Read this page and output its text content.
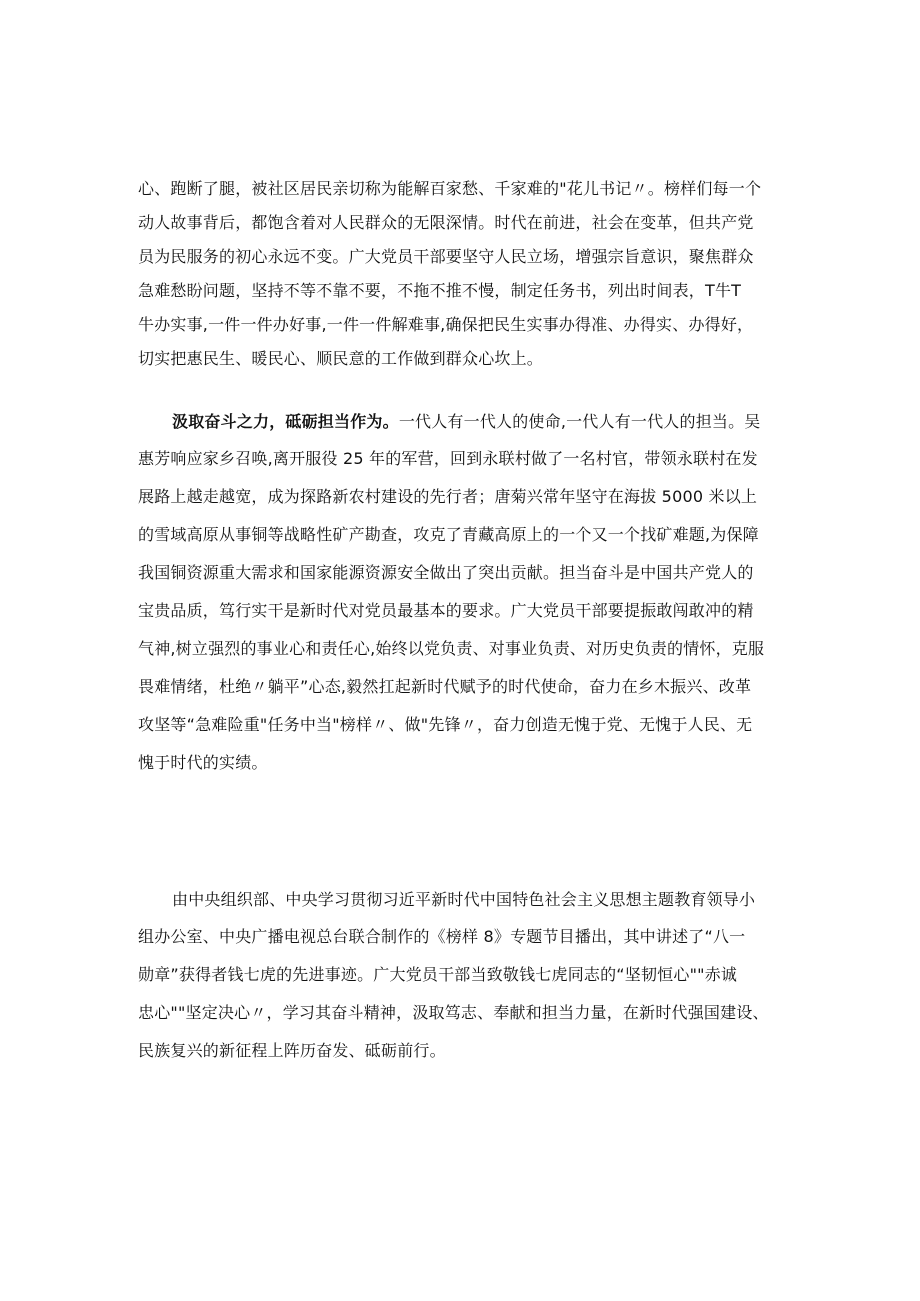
心、跑断了腿，被社区居民亲切称为能解百家愁、千家难的"花儿书记〃。榜样们每一个
动人故事背后，都饱含着对人民群众的无限深情。时代在前进，社会在变革，但共产党
员为民服务的初心永远不变。广大党员干部要坚守人民立场，增强宗旨意识，聚焦群众
急难愁盼问题，坚持不等不靠不要，不拖不推不慢，制定任务书，列出时间表，T牛T
牛办实事,一件一件办好事,一件一件解难事,确保把民生实事办得准、办得实、办得好，
切实把惠民生、暖民心、顺民意的工作做到群众心坎上。
汲取奋斗之力，砥砺担当作为。一代人有一代人的使命,一代人有一代人的担当。吴
惠芳响应家乡召唤,离开服役 25 年的军营，回到永联村做了一名村官，带领永联村在发
展路上越走越宽，成为探路新农村建设的先行者；唐菊兴常年坚守在海拔 5000 米以上
的雪域高原从事铜等战略性矿产勘查，攻克了青藏高原上的一个又一个找矿难题,为保障
我国铜资源重大需求和国家能源资源安全做出了突出贡献。担当奋斗是中国共产党人的
宝贵品质，笃行实干是新时代对党员最基本的要求。广大党员干部要提振敢闯敢冲的精
气神,树立强烈的事业心和责任心,始终以党负责、对事业负责、对历史负责的情怀，克服
畏难情绪，杜绝〃躺平”心态,毅然扛起新时代赋予的时代使命，奋力在乡木振兴、改革
攻坚等“急难险重"任务中当"榜样〃、做"先锋〃，奋力创造无愧于党、无愧于人民、无
愧于时代的实绩。
由中央组织部、中央学习贯彻习近平新时代中国特色社会主义思想主题教育领导小
组办公室、中央广播电视总台联合制作的《榜样 8》专题节目播出，其中讲述了“八一
勋章”获得者钱七虎的先进事迹。广大党员干部当致敬钱七虎同志的“坚韧恒心""赤诚
忠心""坚定决心〃，学习其奋斗精神，汲取笃志、奉献和担当力量，在新时代强国建设、
民族复兴的新征程上阵历奋发、砥砺前行。
